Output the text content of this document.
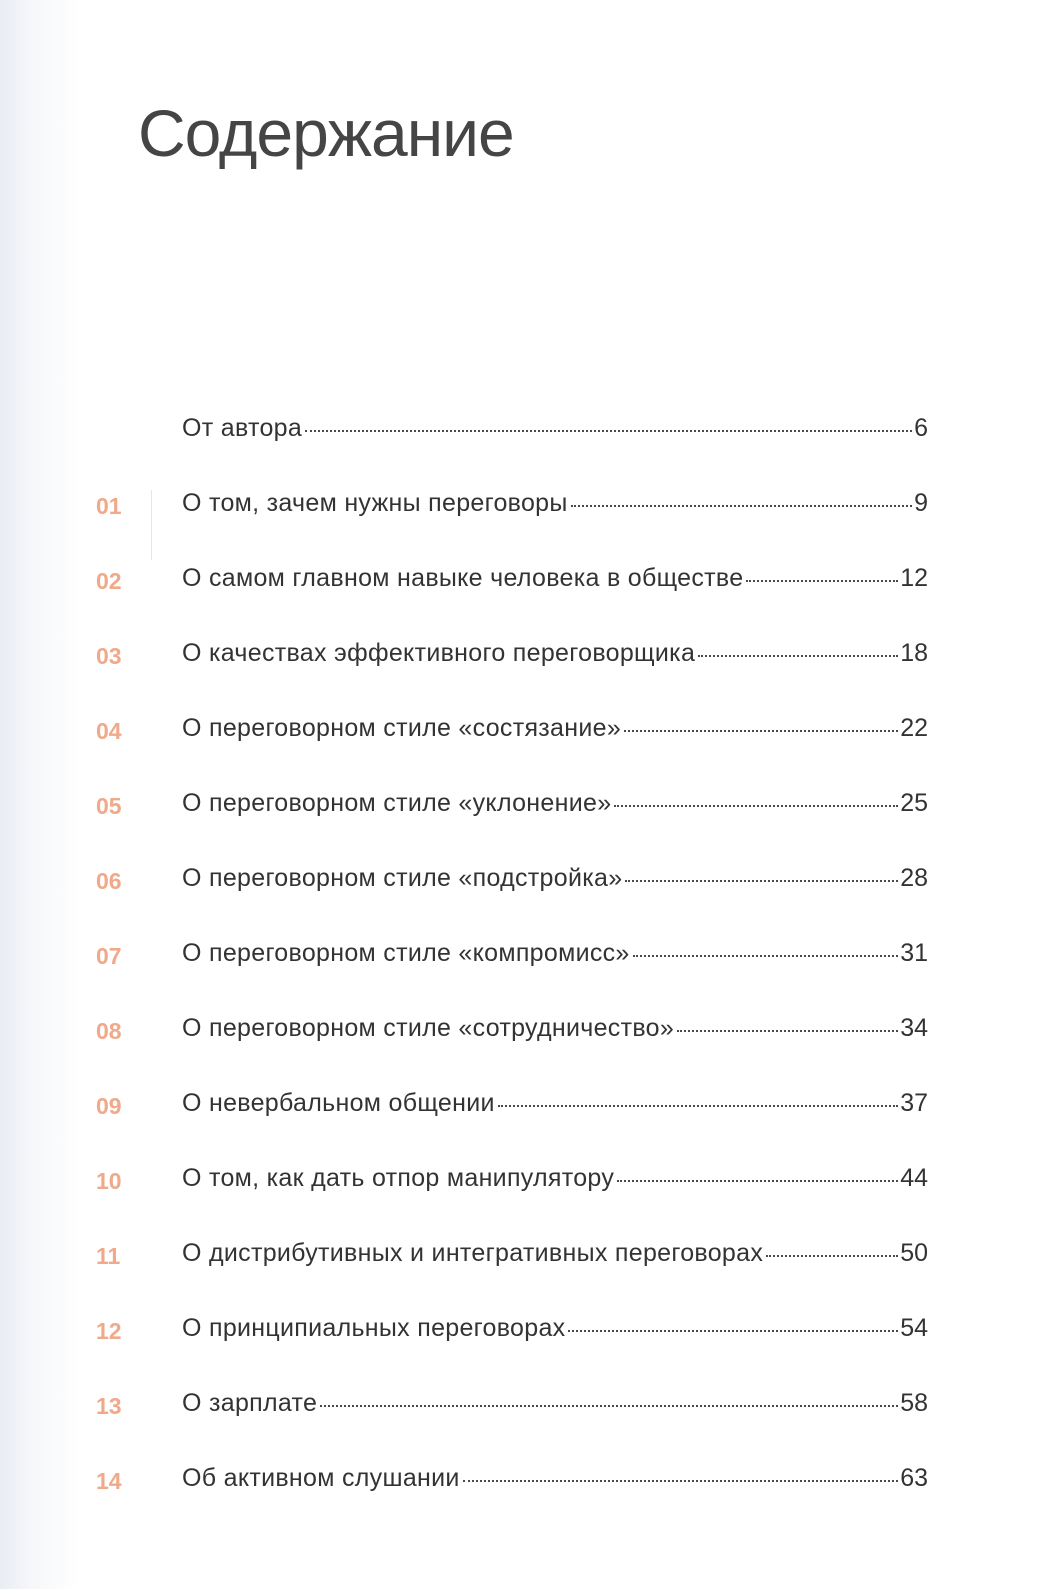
Содержание
От автора	6
01 О том, зачем нужны переговоры	9
02 О самом главном навыке человека в обществе	12
03 О качествах эффективного переговорщика	18
04 О переговорном стиле «состязание»	22
05 О переговорном стиле «уклонение»	25
06 О переговорном стиле «подстройка»	28
07 О переговорном стиле «компромисс»	31
08 О переговорном стиле «сотрудничество»	34
09 О невербальном общении	37
10 О том, как дать отпор манипулятору	44
11 О дистрибутивных и интегративных переговорах	50
12 О принципиальных переговорах	54
13 О зарплате	58
14 Об активном слушании	63
